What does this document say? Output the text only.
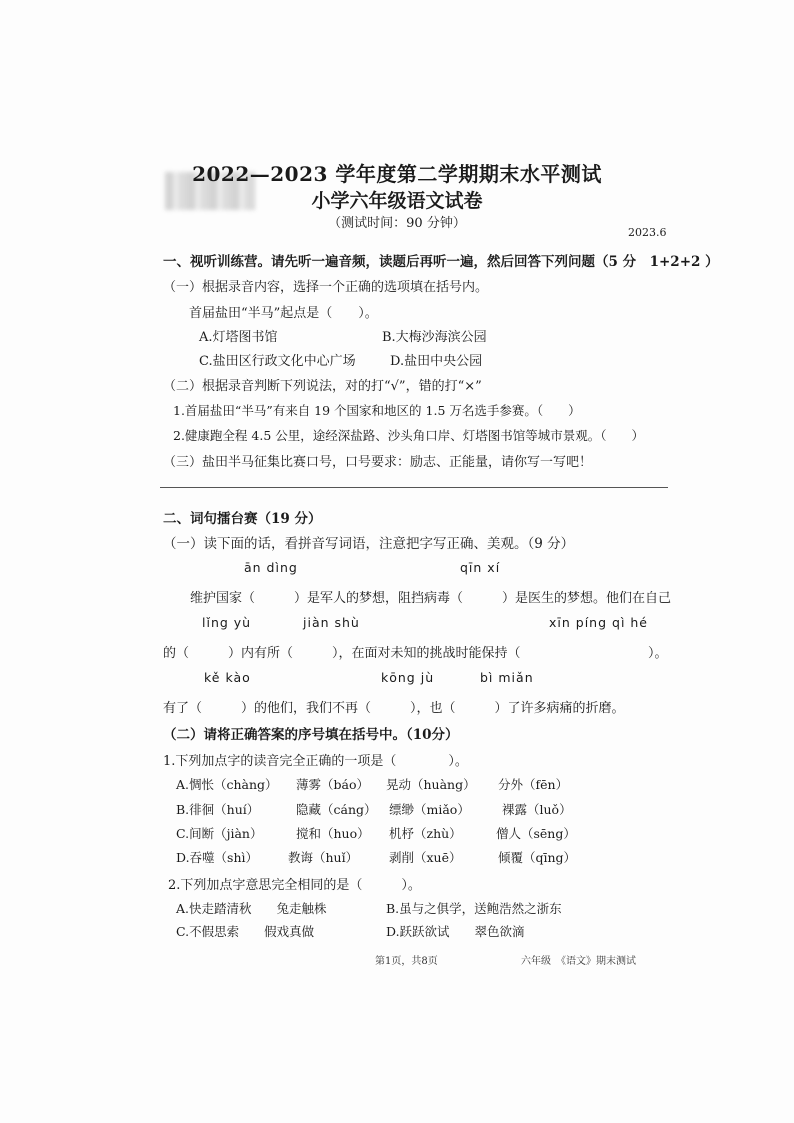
2022—2023 学年度第二学期期末水平测试
小学六年级语文试卷
（测试时间：90 分钟）
2023.6
一、视听训练营。请先听一遍音频，读题后再听一遍，然后回答下列问题（5 分　1+2+2 ）
（一）根据录音内容，选择一个正确的选项填在括号内。
首届盐田“半马”起点是（　　）。
A.灯塔图书馆	B.大梅沙海滨公园
C.盐田区行政文化中心广场	D.盐田中央公园
（二）根据录音判断下列说法，对的打“√”，错的打“×”
1.首届盐田“半马”有来自 19 个国家和地区的 1.5 万名选手参赛。（　　）
2.健康跑全程 4.5 公里，途经深盐路、沙头角口岸、灯塔图书馆等城市景观。（　　）
（三）盐田半马征集比赛口号，口号要求：励志、正能量，请你写一写吧！
二、词句擂台赛（19 分）
（一）读下面的话，看拼音写词语，注意把字写正确、美观。（9 分）
ān dìng	qīn xí
维护国家（　　　）是军人的梦想，阻挡病毒（　　　）是医生的梦想。他们在自己
lǐng yù	jiàn shù	xīn píng qì hé
的（　　　）内有所（　　　），在面对未知的挑战时能保持（	）。
kě kào	kōng jù	bì miǎn
有了（　　　）的他们，我们不再（　　　），也（　　　）了许多病痛的折磨。
（二）请将正确答案的序号填在括号中。（10分）
1.下列加点字的读音完全正确的一项是（　　　　）。
A.惆怅（chàng） 薄雾（báo） 晃动（huàng） 分外（fēn）
B.徘徊（huí）	隐藏（cáng） 缥缈（miǎo）	裸露（luǒ）
C.间断（jiàn）	搅和（huo） 机杼（zhù）	僧人（sēng）
D.吞噬（shì） 教诲（huǐ） 剥削（xuē）	倾覆（qīng）
2.下列加点字意思完全相同的是（　　　）。
A.快走踏清秋　　兔走触株	B.虽与之俱学，送鲍浩然之浙东
C.不假思索　　假戏真做	D.跃跃欲试　　翠色欲滴
第1页，共8页	六年级　《语文》期末测试
